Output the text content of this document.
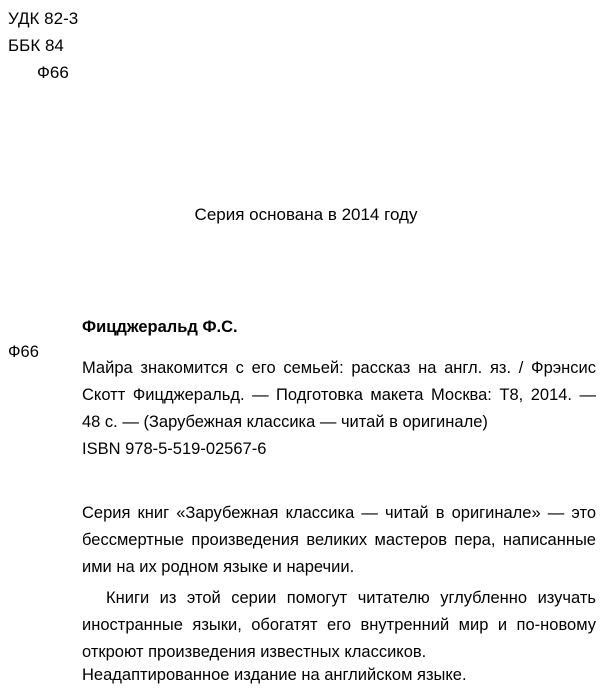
УДК 82-3

ББК 84

Ф66

Серия основана в 2014 году

Фицджеральд Ф.С.

Ф66

Майра знакомится с его семьей: рассказ на англ. яз. / Фрэнсис

Скотт Фицджеральд. — Подготовка макета Москва: T8, 2014. —

48 с. — (Зарубежная классика — читай в оригинале)

ISBN 978-5-519-02567-6

Серия книг «Зарубежная классика — читай в оригинале» — это

бессмертные произведения великих мастеров пера, написанные

ими на их родном языке и наречии.

Книги из этой серии помогут читателю углубленно изучать

иностранные языки, обогатят его внутренний мир и по-новому

откроют произведения известных классиков.

Неадаптированное издание на английском языке.
